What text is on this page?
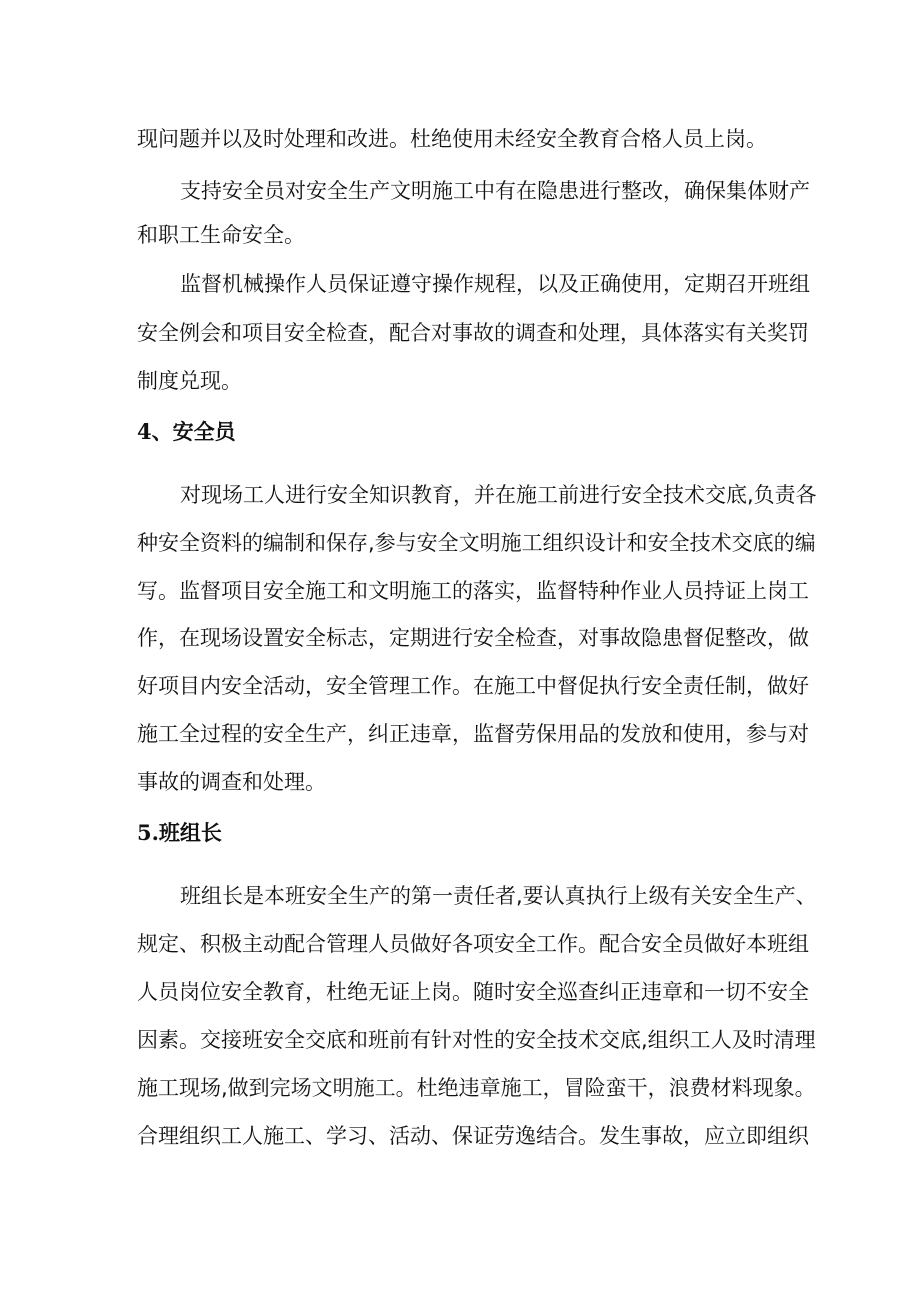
现问题并以及时处理和改进。杜绝使用未经安全教育合格人员上岗。
支持安全员对安全生产文明施工中有在隐患进行整改，确保集体财产
和职工生命安全。
监督机械操作人员保证遵守操作规程，以及正确使用，定期召开班组
安全例会和项目安全检查，配合对事故的调查和处理，具体落实有关奖罚
制度兑现。
4、安全员
对现场工人进行安全知识教育，并在施工前进行安全技术交底,负责各
种安全资料的编制和保存,参与安全文明施工组织设计和安全技术交底的编
写。监督项目安全施工和文明施工的落实，监督特种作业人员持证上岗工
作，在现场设置安全标志，定期进行安全检查，对事故隐患督促整改，做
好项目内安全活动，安全管理工作。在施工中督促执行安全责任制，做好
施工全过程的安全生产，纠正违章，监督劳保用品的发放和使用，参与对
事故的调查和处理。
5.班组长
班组长是本班安全生产的第一责任者,要认真执行上级有关安全生产、
规定、积极主动配合管理人员做好各项安全工作。配合安全员做好本班组
人员岗位安全教育，杜绝无证上岗。随时安全巡查纠正违章和一切不安全
因素。交接班安全交底和班前有针对性的安全技术交底,组织工人及时清理
施工现场,做到完场文明施工。杜绝违章施工，冒险蛮干，浪费材料现象。
合理组织工人施工、学习、活动、保证劳逸结合。发生事故，应立即组织
